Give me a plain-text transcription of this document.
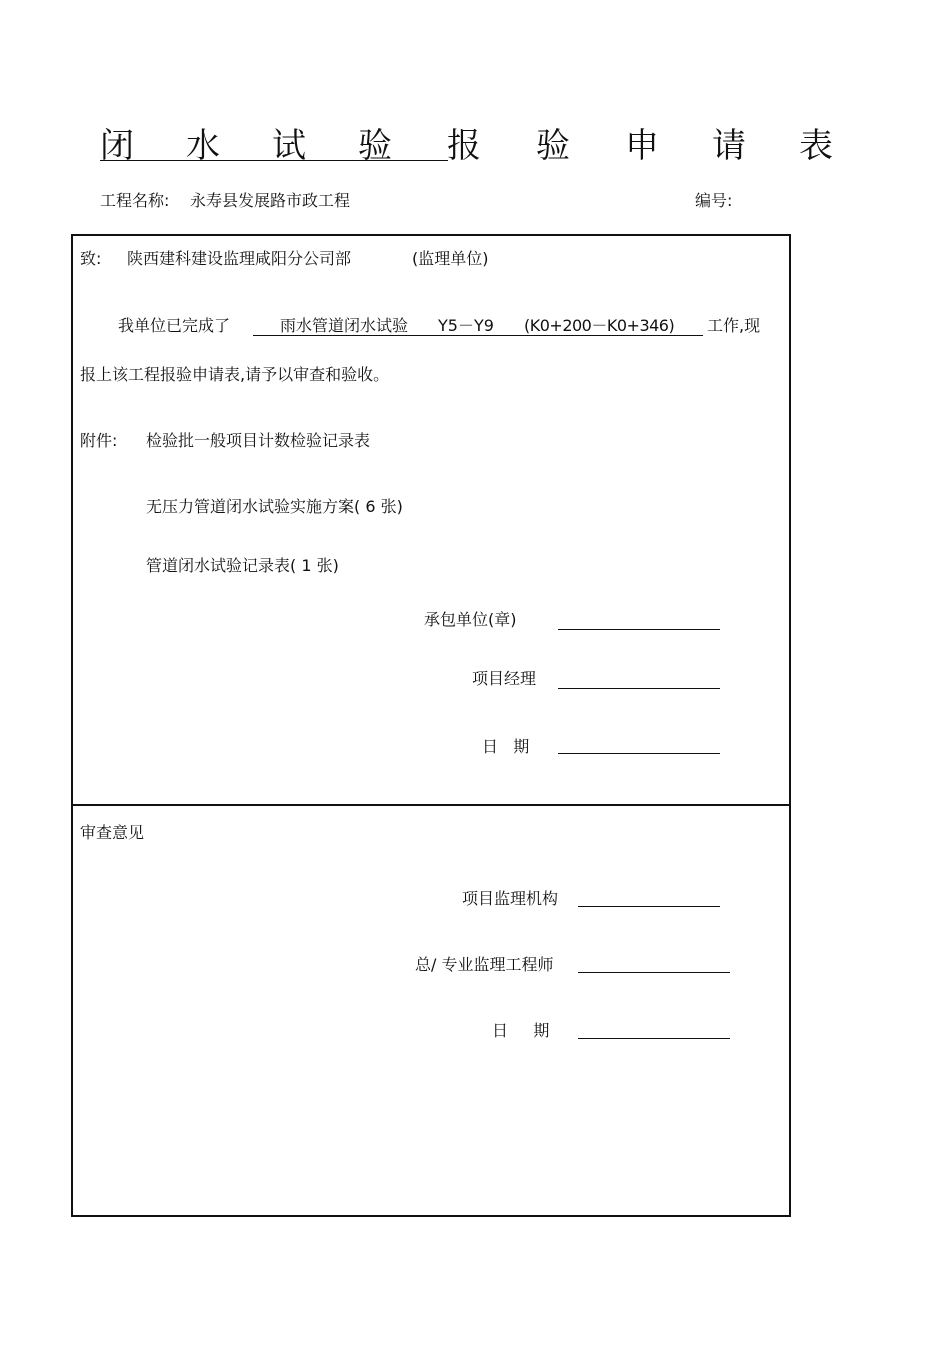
闭 水 试 验 报 验 申 请 表
工程名称: 永寿县发展路市政工程	编号:
致: 陕西建科建设监理咸阳分公司部	(监理单位)
我单位已完成了	雨水管道闭水试验 Y5－Y9 (K0+200－K0+346) 工作,现
报上该工程报验申请表,请予以审查和验收。
附件: 检验批一般项目计数检验记录表
无压力管道闭水试验实施方案( 6 张)
管道闭水试验记录表( 1 张)
承包单位(章)
项目经理
日   期
审查意见
项目监理机构
总/ 专业监理工程师
日     期
